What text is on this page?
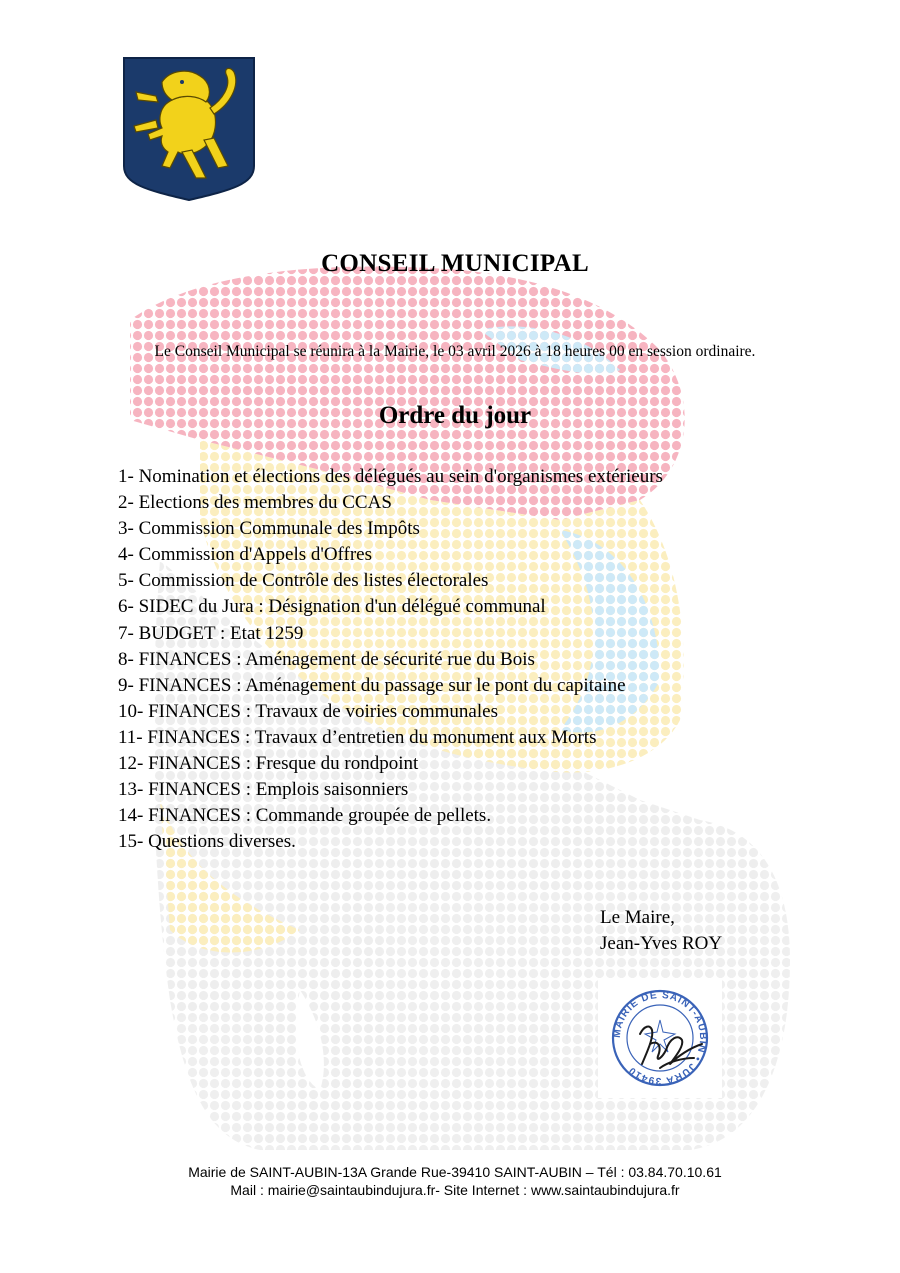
CONSEIL MUNICIPAL
Le Conseil Municipal se réunira à la Mairie, le 03 avril 2026 à 18 heures 00 en session ordinaire.
Ordre du jour
1- Nomination et élections des délégués au sein d'organismes extérieurs
2- Elections des membres du CCAS
3- Commission Communale des Impôts
4- Commission d'Appels d'Offres
5- Commission de Contrôle des listes électorales
6- SIDEC du Jura : Désignation d'un délégué communal
7- BUDGET : Etat 1259
8- FINANCES : Aménagement de sécurité rue du Bois
9- FINANCES : Aménagement du passage sur le pont du capitaine
10- FINANCES : Travaux de voiries communales
11- FINANCES : Travaux d’entretien du monument aux Morts
12- FINANCES : Fresque du rondpoint
13- FINANCES : Emplois saisonniers
14- FINANCES : Commande groupée de pellets.
15- Questions diverses.
Le Maire,
Jean-Yves ROY
MAIRIE DE SAINT-AUBIN • JURA 39410
Mairie de SAINT-AUBIN-13A Grande Rue-39410 SAINT-AUBIN – Tél : 03.84.70.10.61
Mail : mairie@saintaubindujura.fr- Site Internet : www.saintaubindujura.fr
